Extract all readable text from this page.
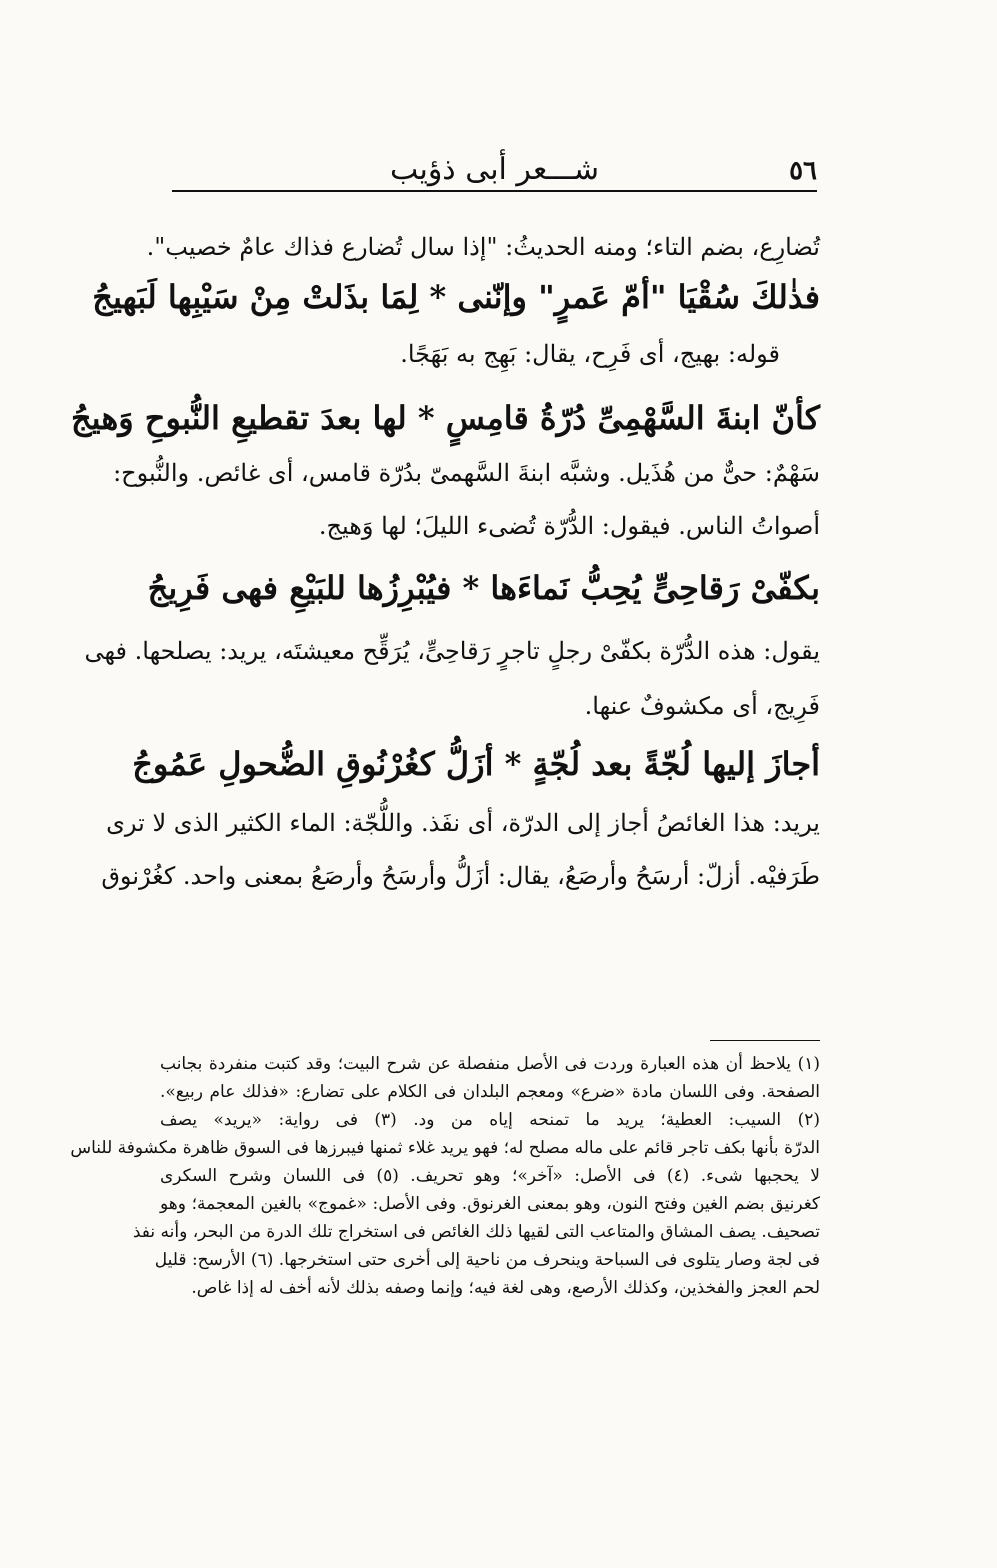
٥٦
شـــعر أبى ذؤيب
تُضارِع، بضم التاء؛ ومنه الحديثُ: "إذا سال تُضارع فذاك عامٌ خصيب".
فذٰلكَ سُقْيَا "أمّ عَمرٍ" وإنّنى * لِمَا بذَلتْ مِنْ سَيْبِها لَبَهيجُ
قوله: بهيج، أى فَرِح، يقال: بَهِج به بَهَجًا.
كأنّ ابنةَ السَّهْمِىِّ دُرّةُ قامِسٍ * لها بعدَ تقطيعِ النُّبوحِ وَهيجُ
سَهْمٌ: حىٌّ من هُذَيل. وشبَّه ابنةَ السَّهمىّ بدُرّة قامس، أى غائص. والنُّبوح:
أصواتُ الناس. فيقول: الدُّرّة تُضىء الليلَ؛ لها وَهيج.
بكفّىْ رَقاحِىٍّ يُحِبُّ نَماءَها * فيُبْرِزُها للبَيْعِ فهى فَرِيجُ
يقول: هذه الدُّرّة بكفّىْ رجلٍ تاجرٍ رَقاحِىٍّ، يُرَقِّح معيشتَه، يريد: يصلحها. فهى
فَرِيج، أى مكشوفٌ عنها.
أجازَ إليها لُجّةً بعد لُجّةٍ * أزَلُّ كغُرْنُوقِ الضُّحولِ عَمُوجُ
يريد: هذا الغائصُ أجاز إلى الدرّة، أى نفَذ. واللُّجّة: الماء الكثير الذى لا ترى
طَرَفيْه. أزلّ: أرسَحُ وأرصَعُ، يقال: أزَلُّ وأرسَحُ وأرصَعُ بمعنى واحد. كغُرْنوق
(١) يلاحظ أن هذه العبارة وردت فى الأصل منفصلة عن شرح البيت؛ وقد كتبت منفردة بجانب
الصفحة. وفى اللسان مادة «ضرع» ومعجم البلدان فى الكلام على تضارع: «فذلك عام ربيع».
(٢) السيب: العطية؛ يريد ما تمنحه إياه من ود. (٣) فى رواية: «يريد» يصف
الدرّة بأنها بكف تاجر قائم على ماله مصلح له؛ فهو يريد غلاء ثمنها فيبرزها فى السوق ظاهرة مكشوفة للناس
لا يحجبها شىء. (٤) فى الأصل: «آخر»؛ وهو تحريف. (٥) فى اللسان وشرح السكرى
كغرنيق بضم الغين وفتح النون، وهو بمعنى الغرنوق. وفى الأصل: «غموج» بالغين المعجمة؛ وهو
تصحيف. يصف المشاق والمتاعب التى لقيها ذلك الغائص فى استخراج تلك الدرة من البحر، وأنه نفذ
فى لجة وصار يتلوى فى السباحة وينحرف من ناحية إلى أخرى حتى استخرجها. (٦) الأرسح: قليل
لحم العجز والفخذين، وكذلك الأرصع، وهى لغة فيه؛ وإنما وصفه بذلك لأنه أخف له إذا غاص.
